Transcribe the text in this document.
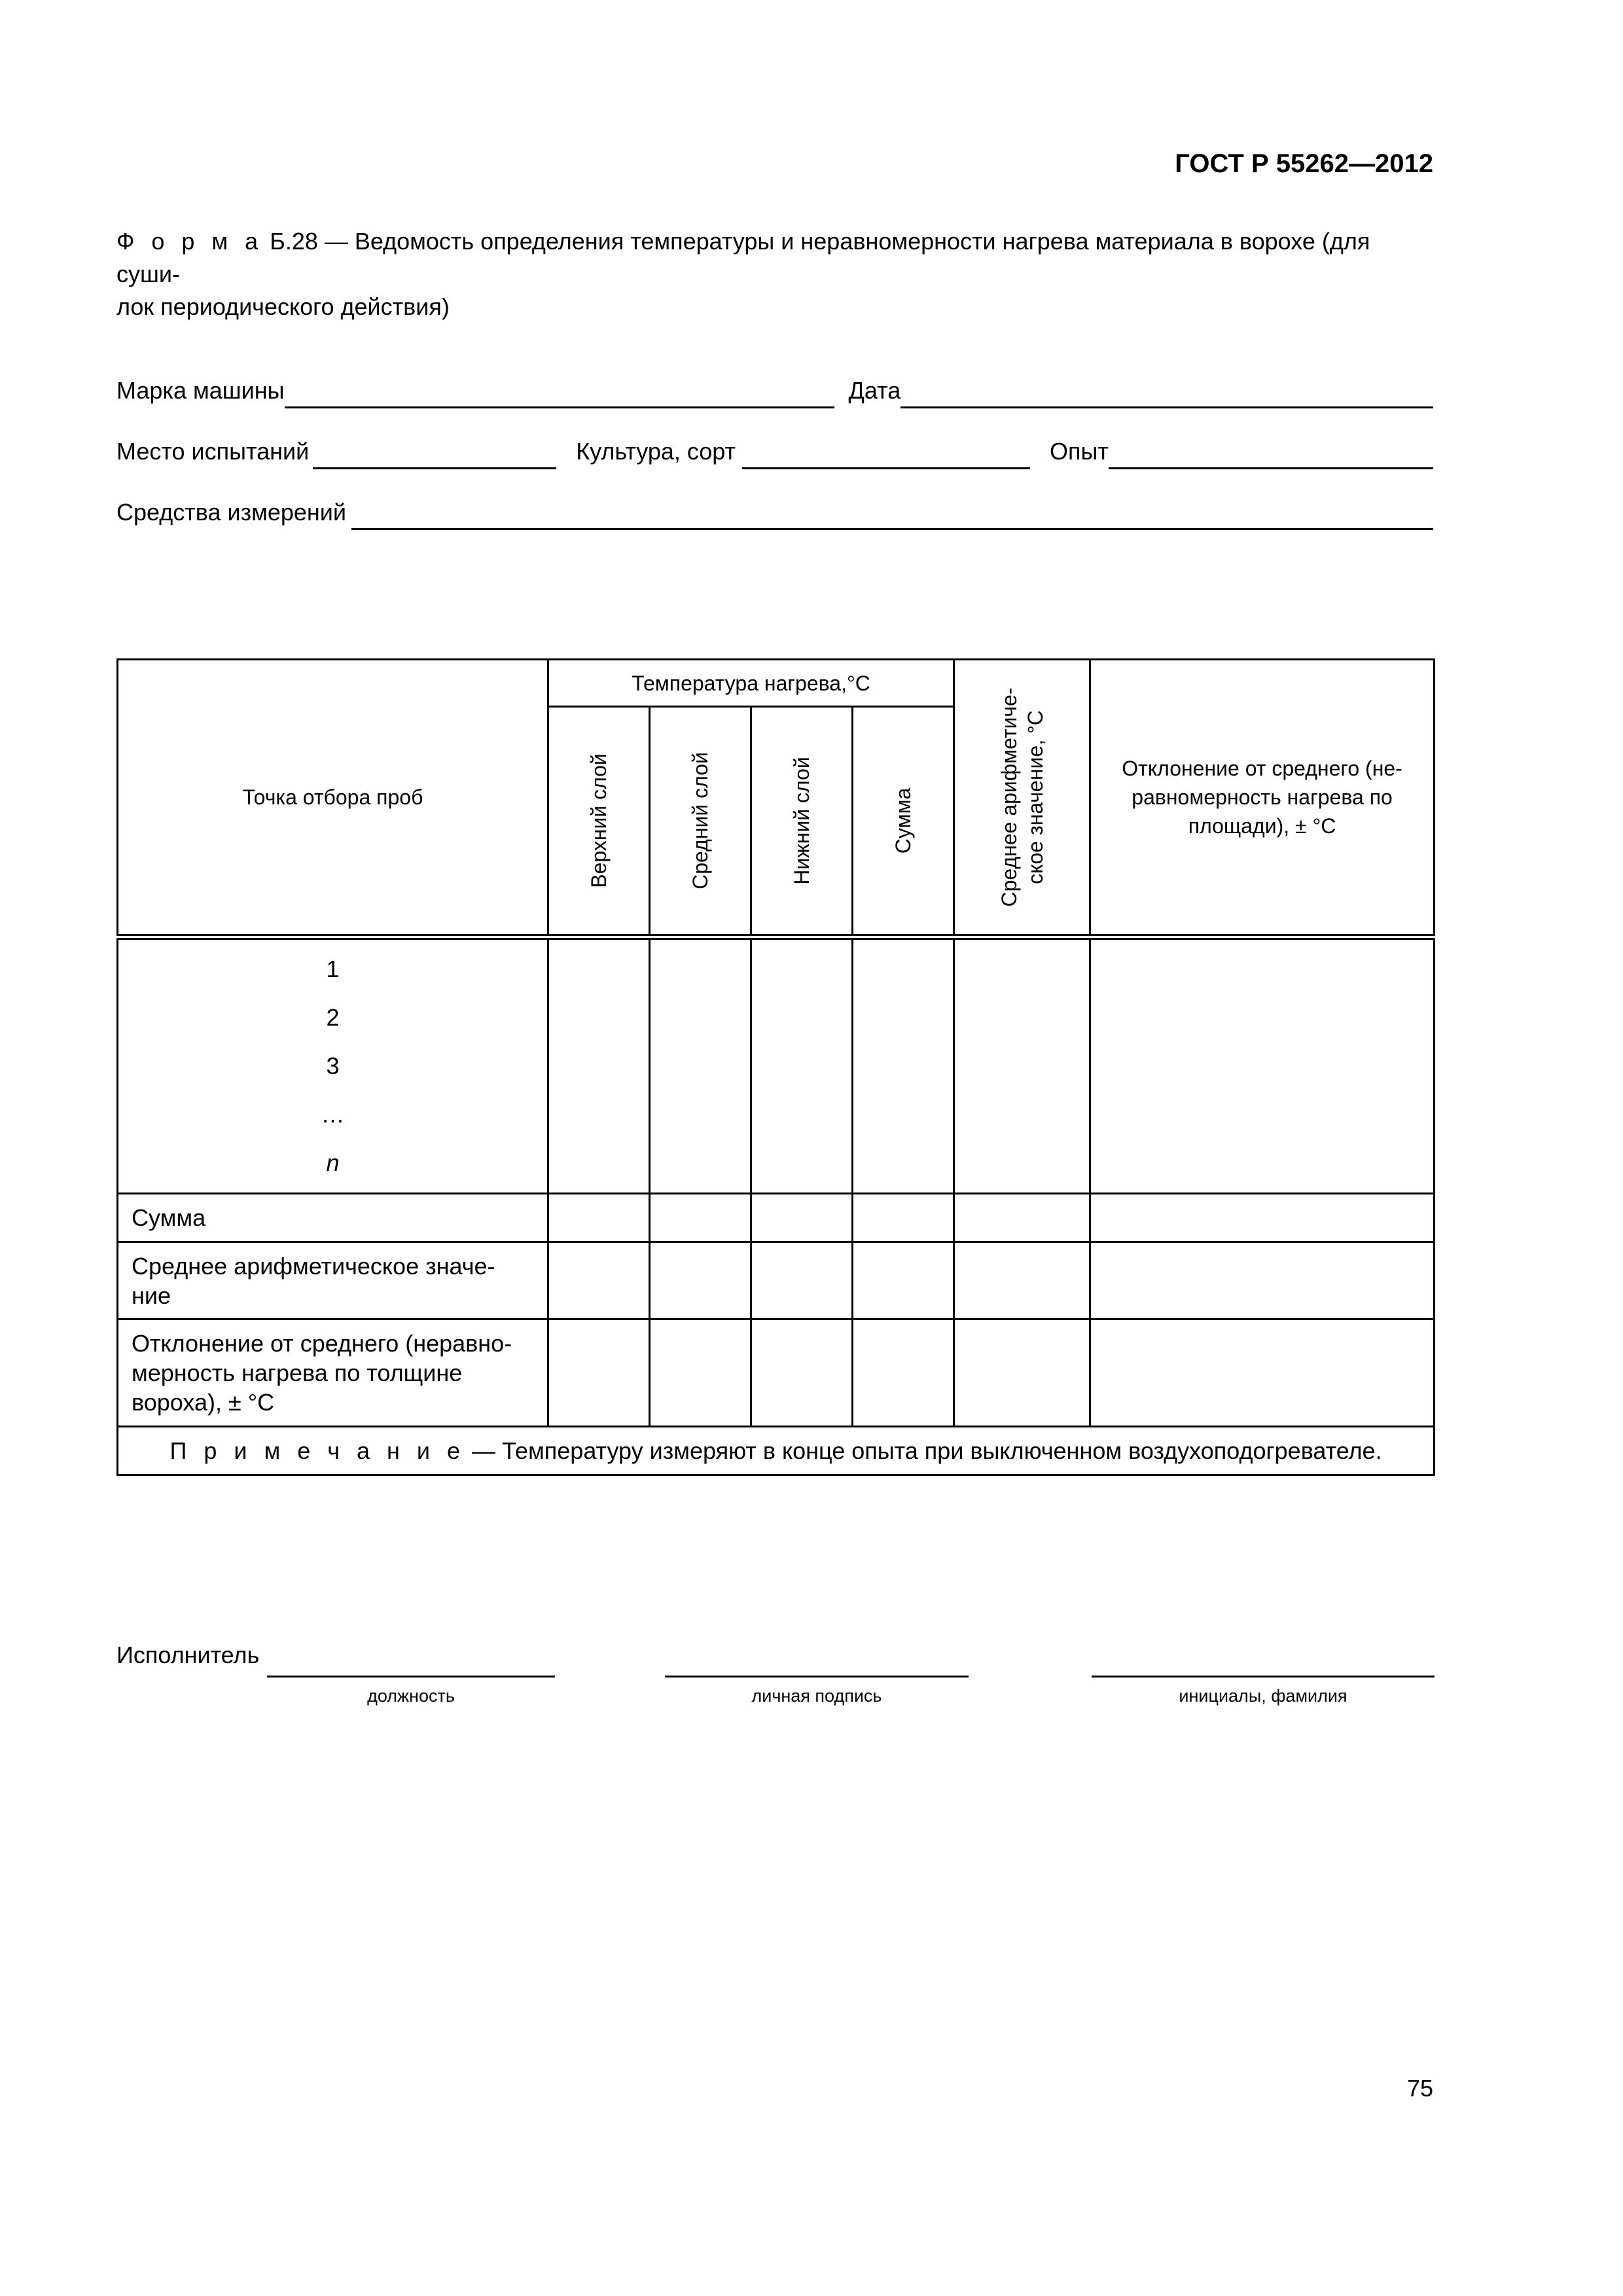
ГОСТ Р 55262—2012
Ф о р м а Б.28 — Ведомость определения температуры и неравномерности нагрева материала в ворохе (для суши-
лок периодического действия)
Марка машины	Дата
Место испытаний	Культура, сорт	Опыт
Средства измерений
Точка отбора проб	Температура нагрева,°С				Среднее арифметиче- ское значение, °С	Отклонение от среднего (не-равномерность нагрева по площади), ± °С

	Верхний слой	Средний слой	Нижний слой	Сумма		

1
2
3
…
n						

Сумма						
Среднее арифметическое значе-ние						
Отклонение от среднего (неравно-мерность нагрева по толщине вороха), ± °С						
П р и м е ч а н и е — Температуру измеряют в конце опыта при выключенном воздухоподогревателе.						
Исполнитель
должность	личная подпись	инициалы, фамилия
75
